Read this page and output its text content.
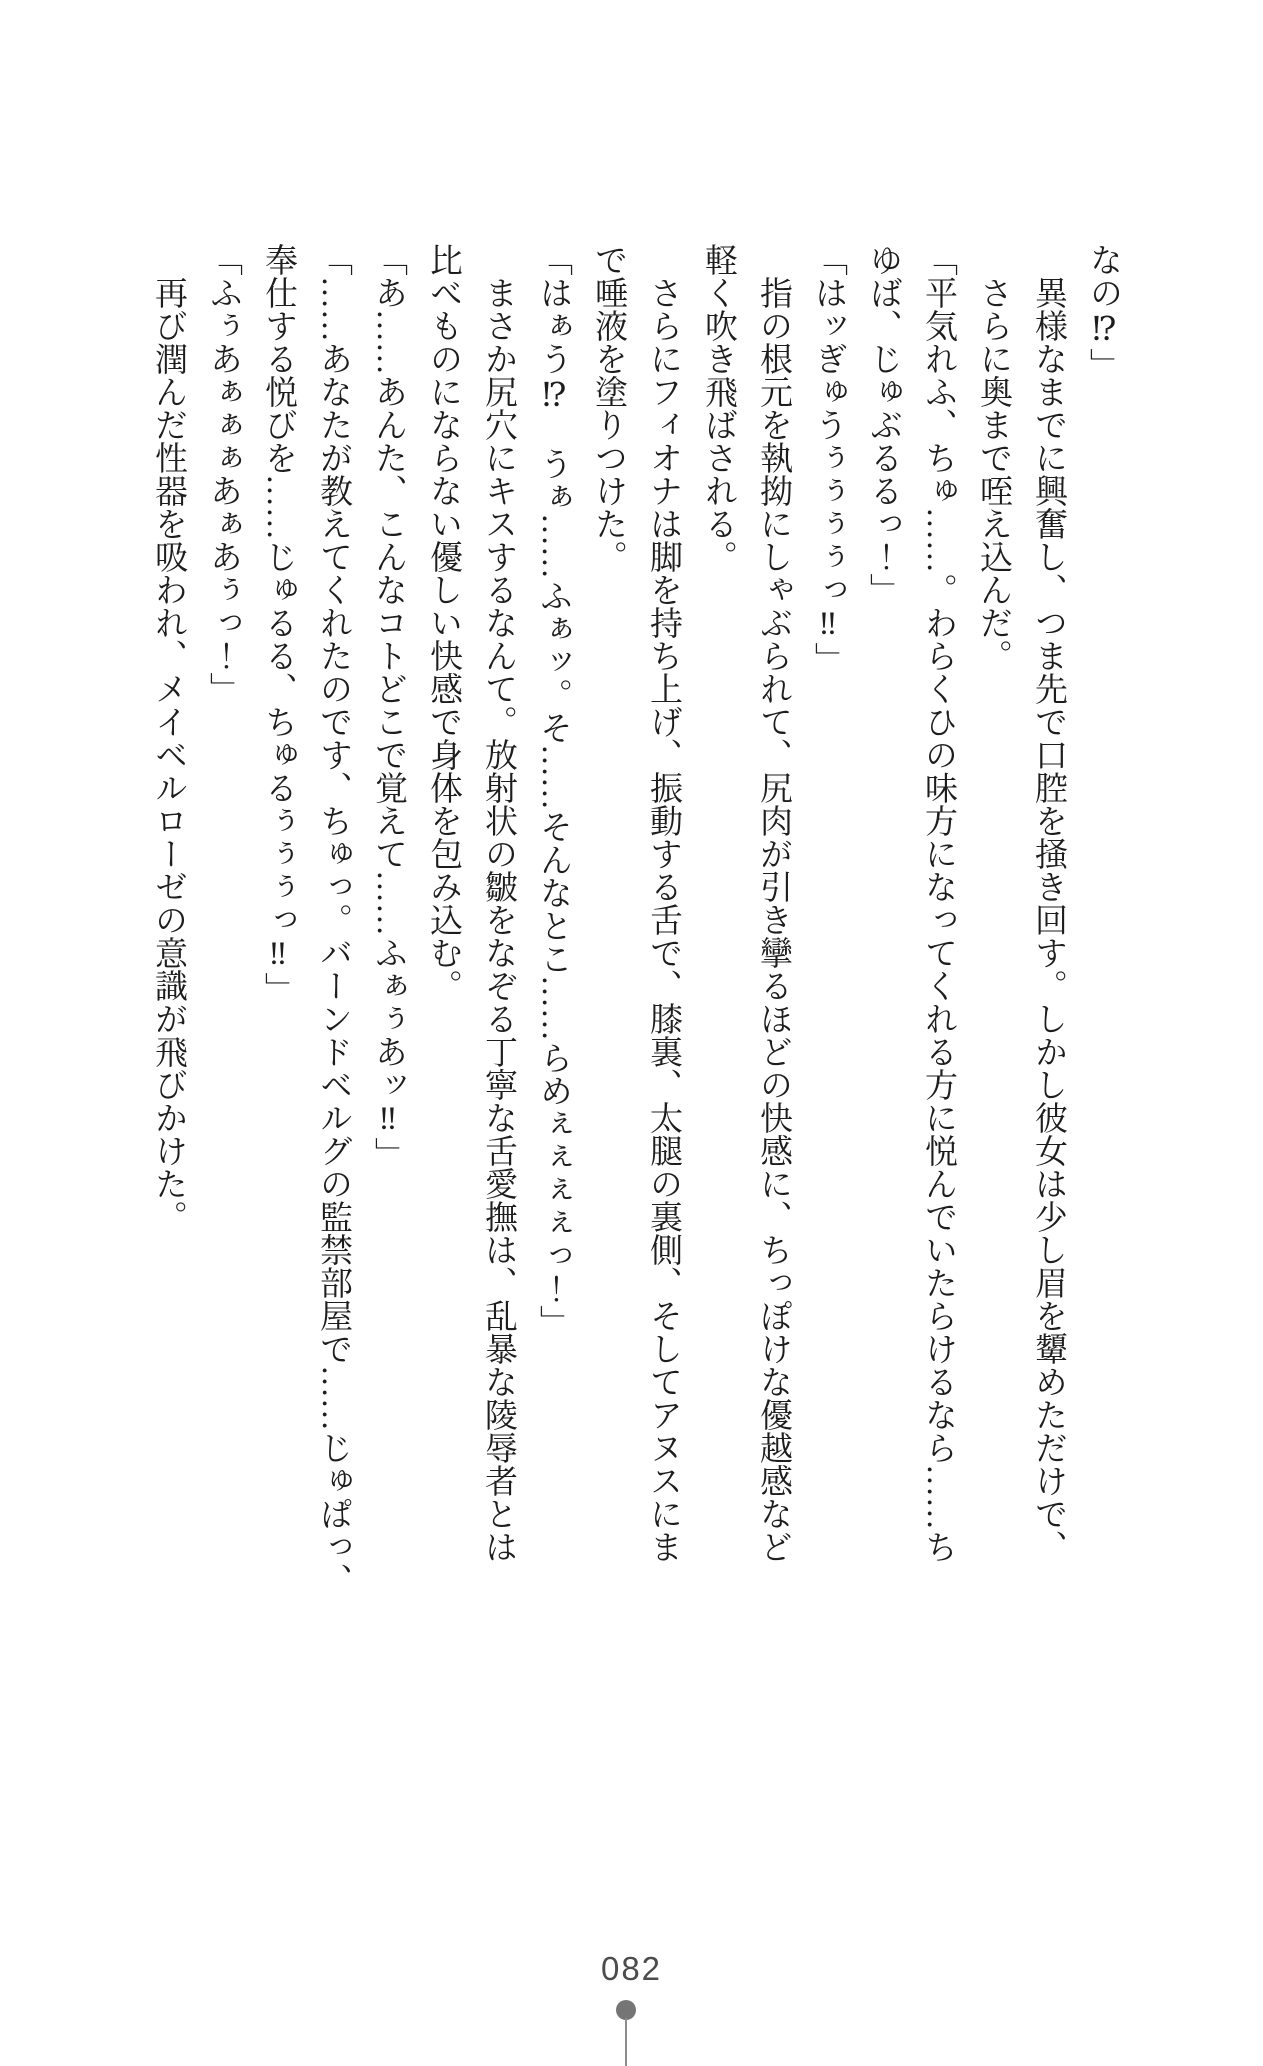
なの⁉」

　異様なまでに興奮し、つま先で口腔を掻き回す。しかし彼女は少し眉を顰めただけで、

　さらに奥まで咥え込んだ。

「平気れふ、ちゅ……。わらくひの味方になってくれる方に悦んでいたらけるなら……ち

ゆば、じゅぶるるっ！」

「はッぎゅうぅぅぅぅっ‼」

　指の根元を執拗にしゃぶられて、尻肉が引き攣るほどの快感に、ちっぽけな優越感など

軽く吹き飛ばされる。

　さらにフィオナは脚を持ち上げ、振動する舌で、膝裏、太腿の裏側、そしてアヌスにま

で唾液を塗りつけた。

「はぁう⁉　うぁ……ふぁッ。そ……そんなとこ……らめぇぇぇぇっ！」

　まさか尻穴にキスするなんて。放射状の皺をなぞる丁寧な舌愛撫は、乱暴な陵辱者とは

比べものにならない優しい快感で身体を包み込む。

「あ……あんた、こんなコトどこで覚えて……ふぁぅあッ‼」

「……あなたが教えてくれたのです、ちゅっ。バーンドベルグの監禁部屋で……じゅぱっ、

奉仕する悦びを……じゅるる、ちゅるぅぅぅっ‼」

「ふぅあぁぁぁあぁあぅっ！」

　再び潤んだ性器を吸われ、メイベルローゼの意識が飛びかけた。

082
